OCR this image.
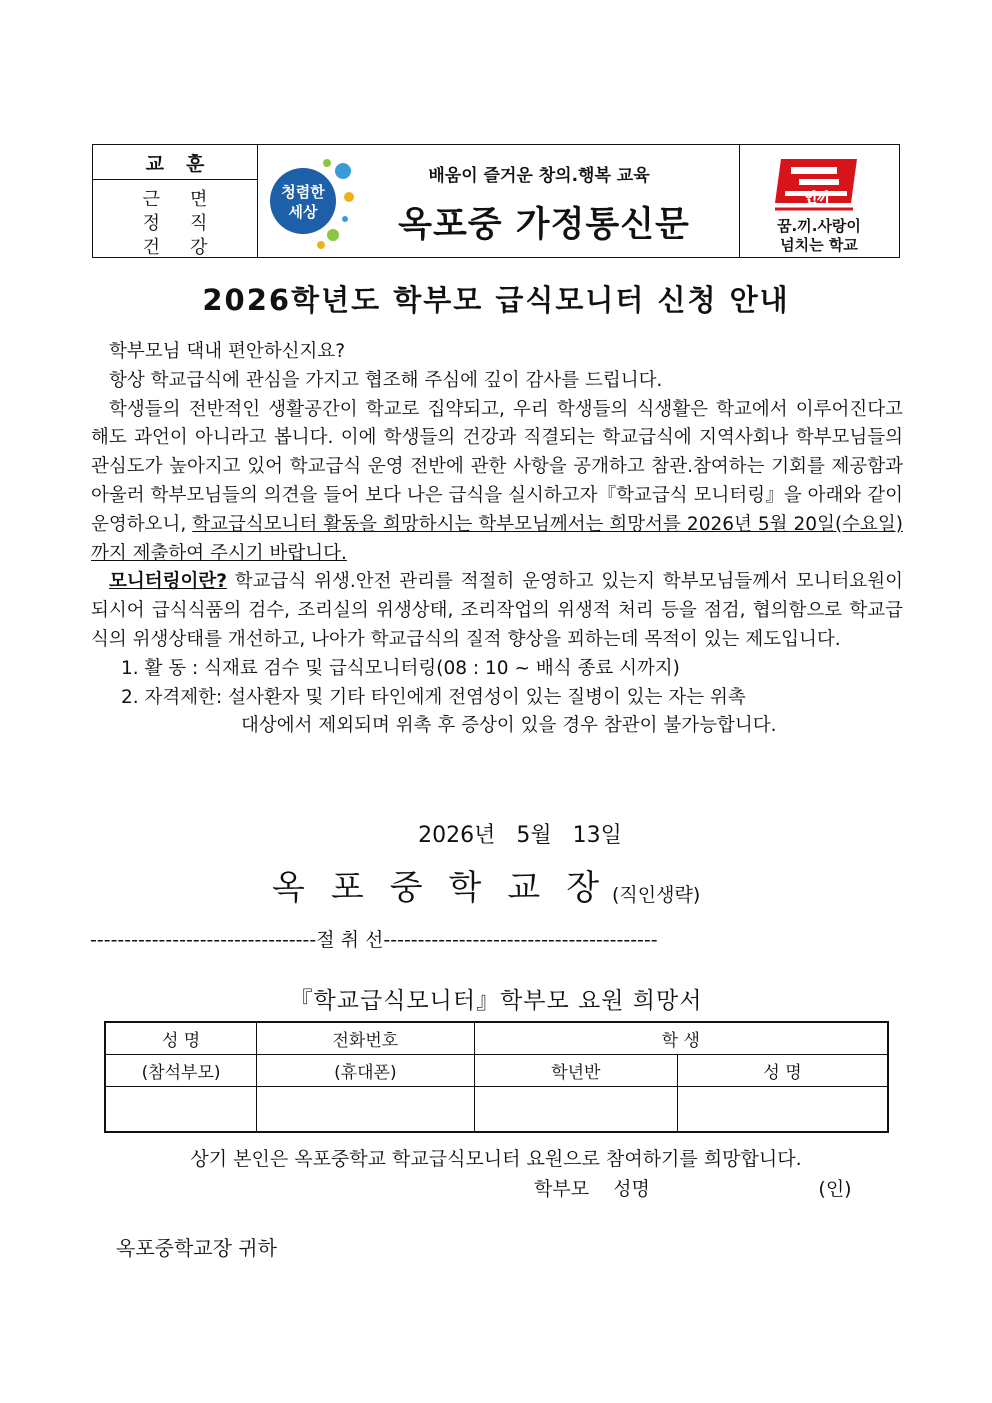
교훈
근면
정직
건강
청렴한
세상
배움이 즐거운 창의.행복 교육
옥포중 가정통신문
인끼
꿈.끼.사랑이
넘치는 학교
2026학년도 학부모 급식모니터 신청 안내

학부모님 댁내 편안하신지요?

항상 학교급식에 관심을 가지고 협조해 주심에 깊이 감사를 드립니다.

학생들의 전반적인 생활공간이 학교로 집약되고, 우리 학생들의 식생활은 학교에서 이루어진다고 해도 과언이 아니라고 봅니다. 이에 학생들의 건강과 직결되는 학교급식에 지역사회나 학부모님들의 관심도가 높아지고 있어 학교급식 운영 전반에 관한 사항을 공개하고 참관.참여하는 기회를 제공함과 아울러 학부모님들의 의견을 들어 보다 나은 급식을 실시하고자『학교급식 모니터링』을 아래와 같이 운영하오니, 학교급식모니터 활동을 희망하시는 학부모님께서는 희망서를 2026년 5월 20일(수요일)까지 제출하여 주시기 바랍니다.

모니터링이란? 학교급식 위생.안전 관리를 적절히 운영하고 있는지 학부모님들께서 모니터요원이 되시어 급식식품의 검수, 조리실의 위생상태, 조리작업의 위생적 처리 등을 점검, 협의함으로 학교급식의 위생상태를 개선하고, 나아가 학교급식의 질적 향상을 꾀하는데 목적이 있는 제도입니다.

1. 활 동 : 식재료 검수 및 급식모니터링(08 : 10 ~ 배식 종료 시까지)

2. 자격제한: 설사환자 및 기타 타인에게 전염성이 있는 질병이 있는 자는 위촉

대상에서 제외되며 위촉 후 증상이 있을 경우 참관이 불가능합니다.

2026년 5월 13일
옥포중학교장
(직인생략)
---------------------------------절 취 선----------------------------------------
『학교급식모니터』학부모 요원 희망서
성 명	전화번호	학 생	
(참석부모)	(휴대폰)	학년반	성 명

상기 본인은 옥포중학교 학교급식모니터 요원으로 참여하기를 희망합니다.
학부모  성명              (인)
옥포중학교장 귀하
